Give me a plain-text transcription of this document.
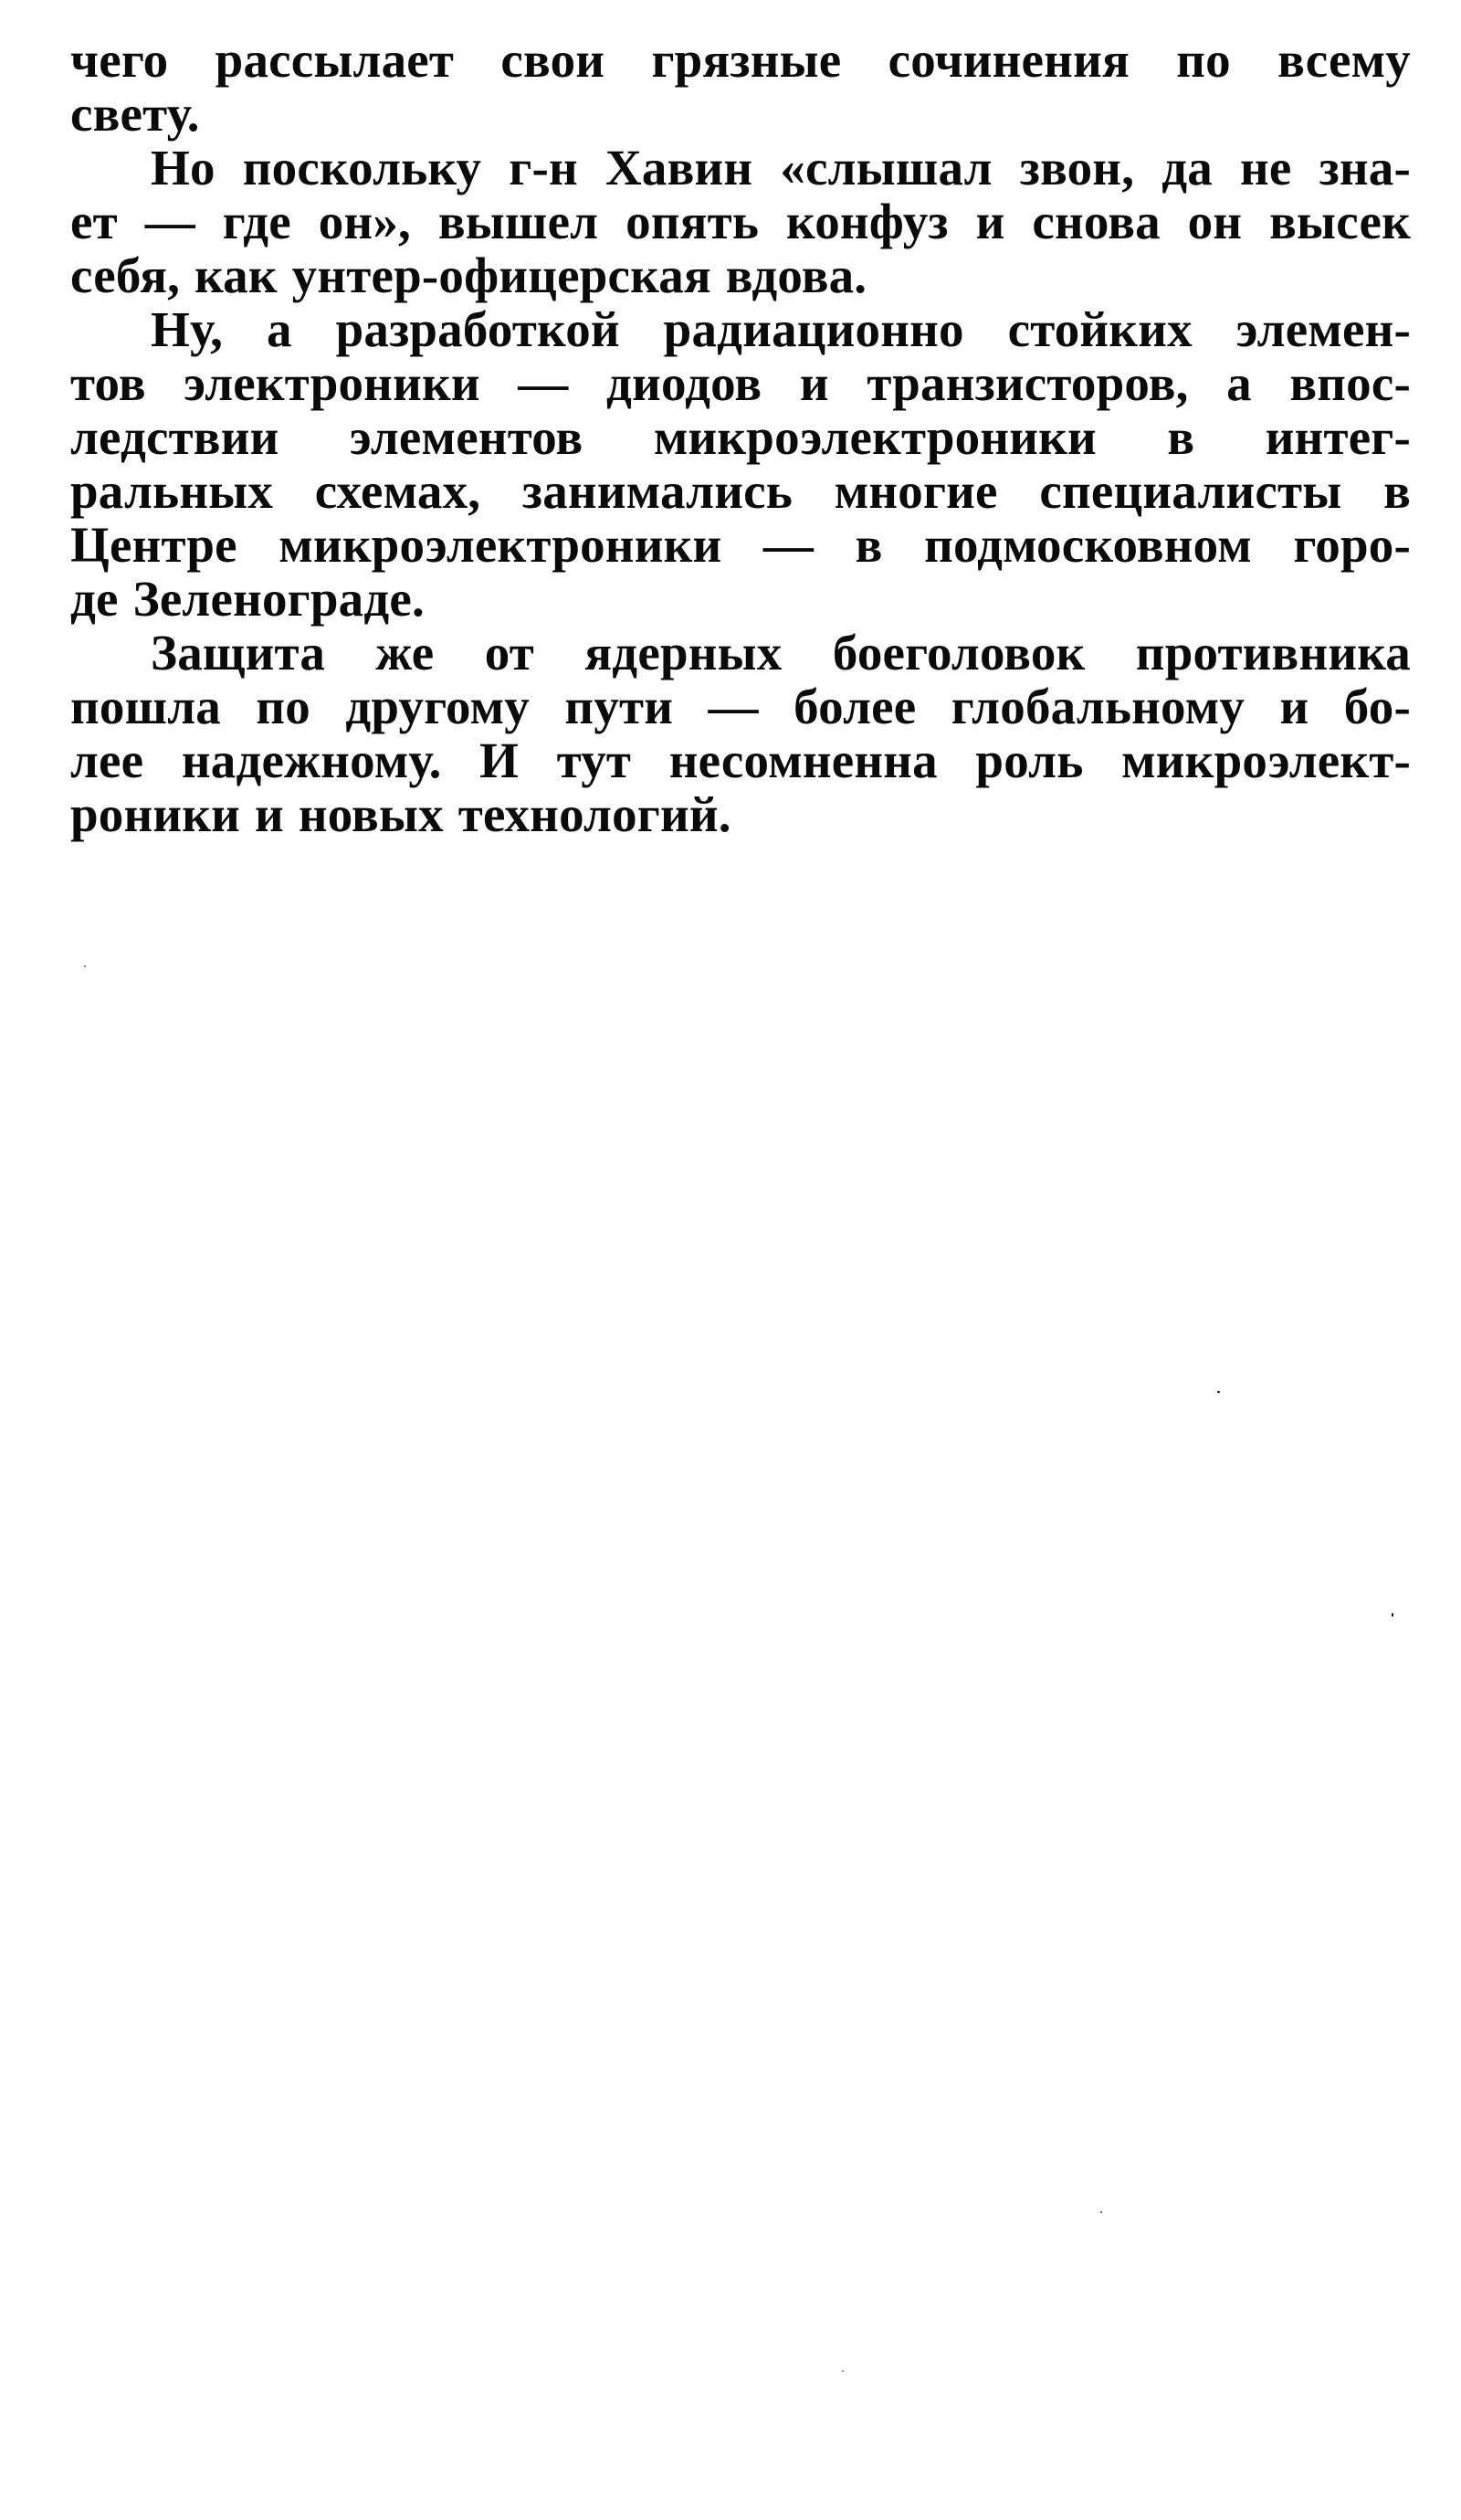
чего рассылает свои грязные сочинения по всему
свету.
Но поскольку г-н Хавин «слышал звон, да не зна-
ет — где он», вышел опять конфуз и снова он высек
себя, как унтер-офицерская вдова.
Ну, а разработкой радиационно стойких элемен-
тов электроники — диодов и транзисторов, а впос-
ледствии элементов микроэлектроники в интег-
ральных схемах, занимались многие специалисты в
Центре микроэлектроники — в подмосковном горо-
де Зеленограде.
Защита же от ядерных боеголовок противника
пошла по другому пути — более глобальному и бо-
лее надежному. И тут несомненна роль микроэлект-
роники и новых технологий.
